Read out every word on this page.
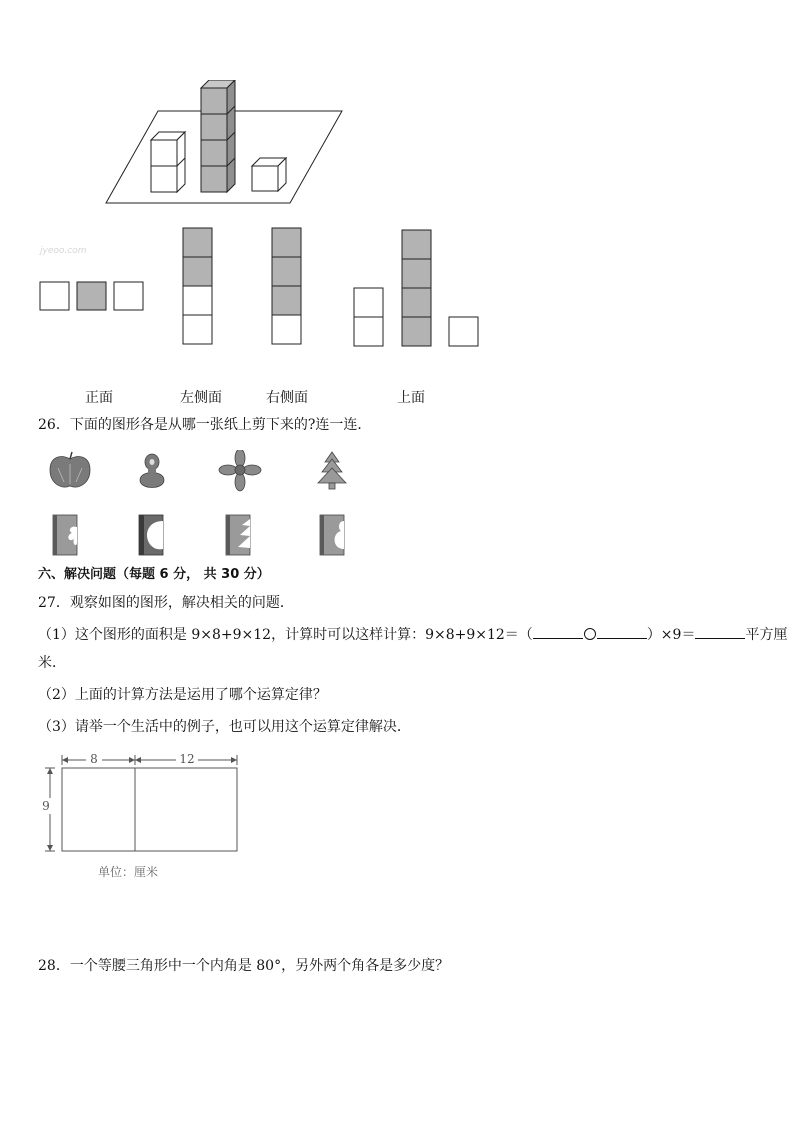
jyeoo.com
正面	左侧面	右侧面	上面
26．下面的图形各是从哪一张纸上剪下来的?连一连．
六、解决问题（每题 6 分， 共 30 分）
27．观察如图的图形，解决相关的问题．
（1）这个图形的面积是 9×8+9×12，计算时可以这样计算：9×8+9×12＝（	）×9＝	平方厘
米．
（2）上面的计算方法是运用了哪个运算定律？
（3）请举一个生活中的例子，也可以用这个运算定律解决．
8	12
9
单位：厘米
28．一个等腰三角形中一个内角是 80°，另外两个角各是多少度？
